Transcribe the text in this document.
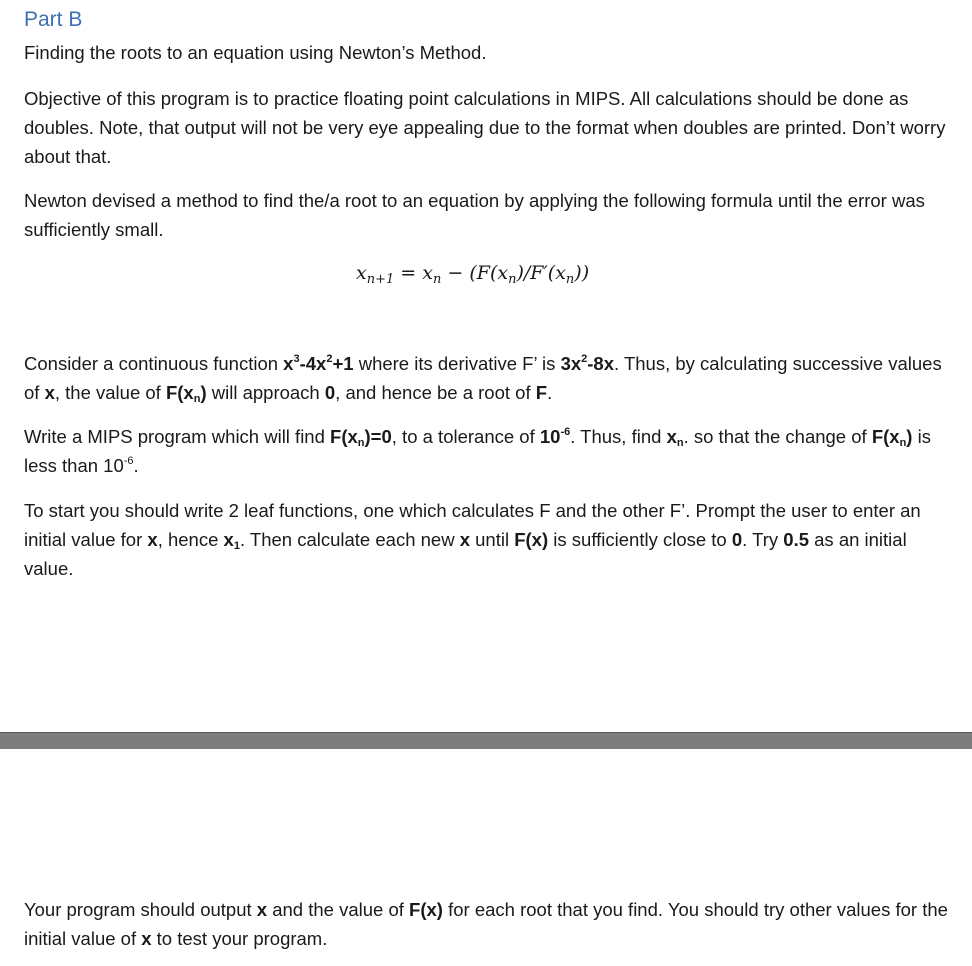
Part B

Finding the roots to an equation using Newton’s Method.

Objective of this program is to practice floating point calculations in MIPS. All calculations should be done as doubles. Note, that output will not be very eye appealing due to the format when doubles are printed. Don’t worry about that.

Newton devised a method to find the/a root to an equation by applying the following formula until the error was sufficiently small.

$x_{n+1} = x_n - (F(x_n)/F'(x_n))$

Consider a continuous function $x^3-4x^2+1$ where its derivative F’ is $3x^2-8x$. Thus, by calculating successive values of x, the value of F(xn) will approach 0, and hence be a root of F.

Write a MIPS program which will find F(xn)=0, to a tolerance of $10^{-6}$. Thus, find xn. so that the change of F(xn) is less than $10^{-6}$.

To start you should write 2 leaf functions, one which calculates F and the other F’. Prompt the user to enter an initial value for x, hence x1. Then calculate each new x until F(x) is sufficiently close to 0. Try 0.5 as an initial value.

Your program should output x and the value of F(x) for each root that you find. You should try other values for the initial value of x to test your program.
